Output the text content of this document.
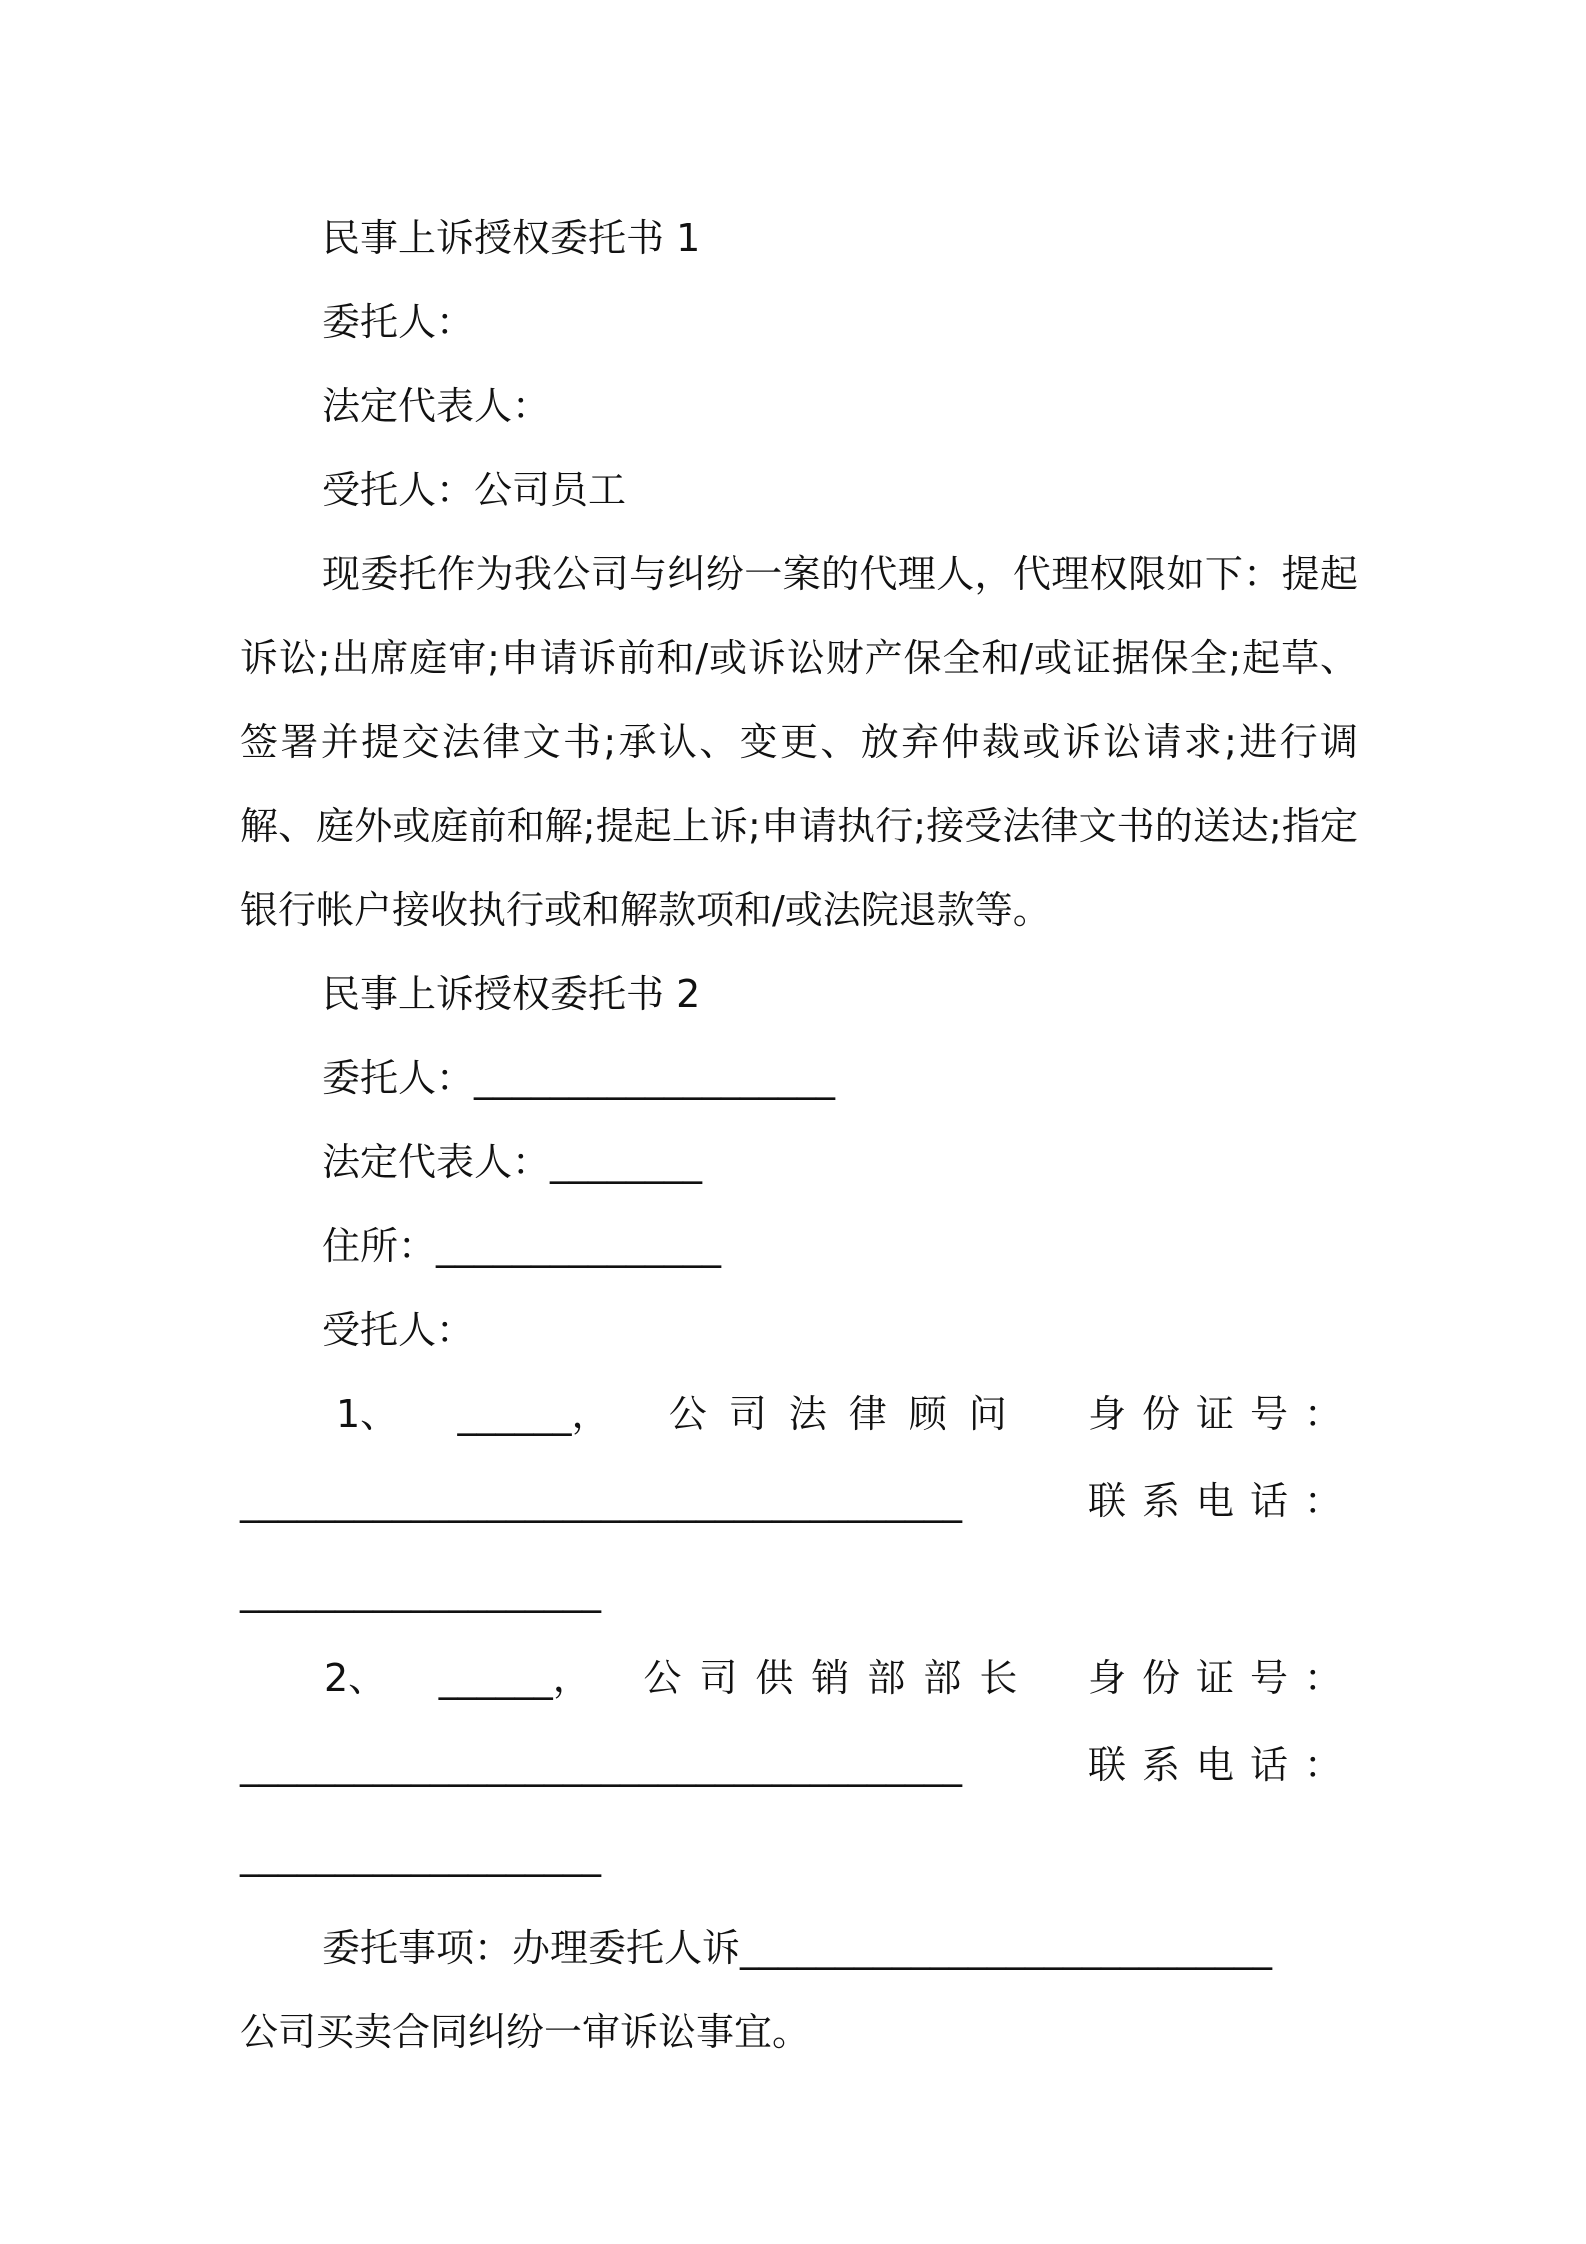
民事上诉授权委托书 1
委托人：
法定代表人：
受托人：公司员工

现委托作为我公司与纠纷一案的代理人，代理权限如下：提起诉讼;出席庭审;申请诉前和/或诉讼财产保全和/或证据保全;起草、签署并提交法律文书;承认、变更、放弃仲裁或诉讼请求;进行调解、庭外或庭前和解;提起上诉;申请执行;接受法律文书的送达;指定银行帐户接收执行或和解款项和/或法院退款等。

民事上诉授权委托书 2
委托人：___________________
法定代表人：________
住所：_______________
受托人：
1、 ______， 公司法律顾问 身份证号：
______________________________________	联系电话：
___________________
2、 ______， 公司供销部部长 身份证号：
______________________________________	联系电话：
___________________
委托事项：办理委托人诉____________________________
公司买卖合同纠纷一审诉讼事宜。
